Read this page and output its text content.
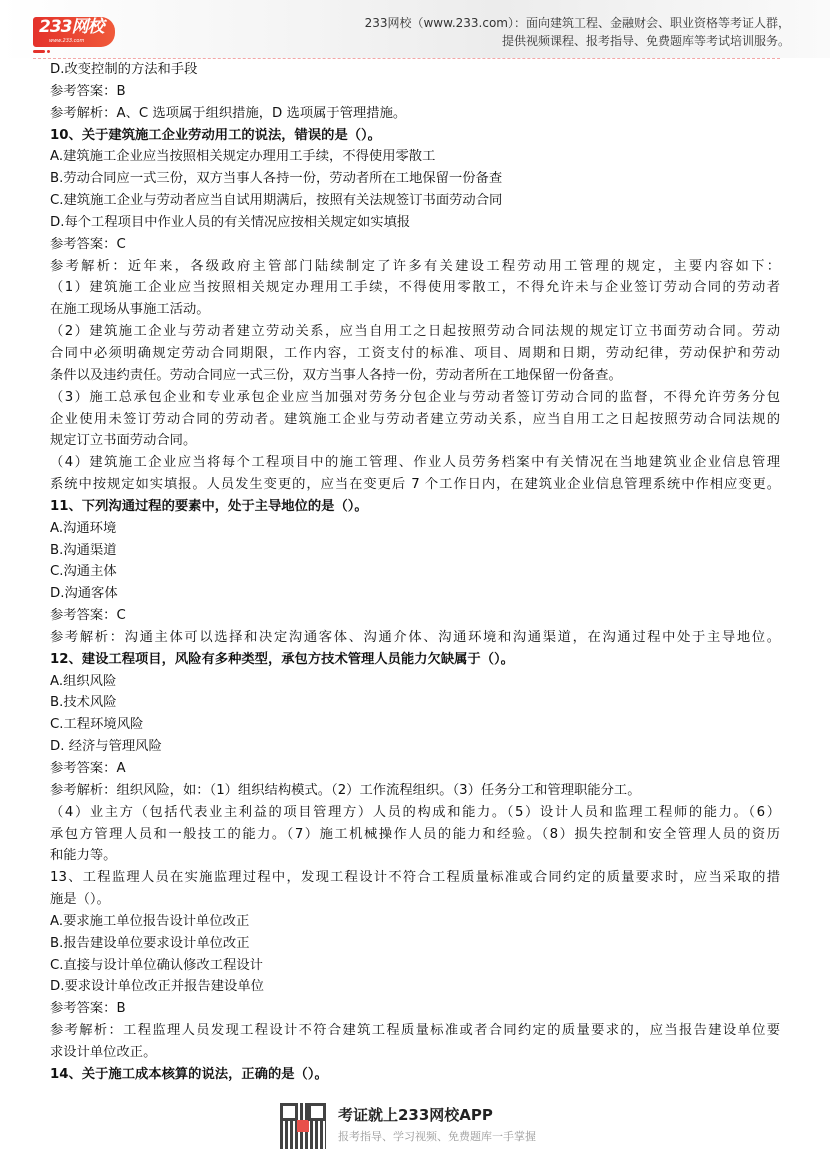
233网校
www.233.com
233网校（www.233.com）：面向建筑工程、金融财会、职业资格等考证人群，
提供视频课程、报考指导、免费题库等考试培训服务。
D.改变控制的方法和手段
参考答案：B
参考解析：A、C 选项属于组织措施，D 选项属于管理措施。
10、关于建筑施工企业劳动用工的说法，错误的是（）。
A.建筑施工企业应当按照相关规定办理用工手续，不得使用零散工
B.劳动合同应一式三份，双方当事人各持一份，劳动者所在工地保留一份备查
C.建筑施工企业与劳动者应当自试用期满后，按照有关法规签订书面劳动合同
D.每个工程项目中作业人员的有关情况应按相关规定如实填报
参考答案：C
参考解析：近年来，各级政府主管部门陆续制定了许多有关建设工程劳动用工管理的规定，主要内容如下：
（1）建筑施工企业应当按照相关规定办理用工手续，不得使用零散工，不得允许未与企业签订劳动合同的劳动者
在施工现场从事施工活动。
（2）建筑施工企业与劳动者建立劳动关系，应当自用工之日起按照劳动合同法规的规定订立书面劳动合同。劳动
合同中必须明确规定劳动合同期限，工作内容，工资支付的标准、项目、周期和日期，劳动纪律，劳动保护和劳动
条件以及违约责任。劳动合同应一式三份，双方当事人各持一份，劳动者所在工地保留一份备查。
（3）施工总承包企业和专业承包企业应当加强对劳务分包企业与劳动者签订劳动合同的监督，不得允许劳务分包
企业使用未签订劳动合同的劳动者。建筑施工企业与劳动者建立劳动关系，应当自用工之日起按照劳动合同法规的
规定订立书面劳动合同。
（4）建筑施工企业应当将每个工程项目中的施工管理、作业人员劳务档案中有关情况在当地建筑业企业信息管理
系统中按规定如实填报。人员发生变更的，应当在变更后 7 个工作日内，在建筑业企业信息管理系统中作相应变更。
11、下列沟通过程的要素中，处于主导地位的是（）。
A.沟通环境
B.沟通渠道
C.沟通主体
D.沟通客体
参考答案：C
参考解析：沟通主体可以选择和决定沟通客体、沟通介体、沟通环境和沟通渠道，在沟通过程中处于主导地位。
12、建设工程项目，风险有多种类型，承包方技术管理人员能力欠缺属于（）。
A.组织风险
B.技术风险
C.工程环境风险
D. 经济与管理风险
参考答案：A
参考解析：组织风险，如：（1）组织结构模式。（2）工作流程组织。（3）任务分工和管理职能分工。
（4）业主方（包括代表业主利益的项目管理方）人员的构成和能力。（5）设计人员和监理工程师的能力。（6）
承包方管理人员和一般技工的能力。（7）施工机械操作人员的能力和经验。（8）损失控制和安全管理人员的资历
和能力等。
13、工程监理人员在实施监理过程中，发现工程设计不符合工程质量标准或合同约定的质量要求时，应当采取的措
施是（）。
A.要求施工单位报告设计单位改正
B.报告建设单位要求设计单位改正
C.直接与设计单位确认修改工程设计
D.要求设计单位改正并报告建设单位
参考答案：B
参考解析：工程监理人员发现工程设计不符合建筑工程质量标准或者合同约定的质量要求的，应当报告建设单位要
求设计单位改正。
14、关于施工成本核算的说法，正确的是（）。
考证就上233网校APP
报考指导、学习视频、免费题库一手掌握
